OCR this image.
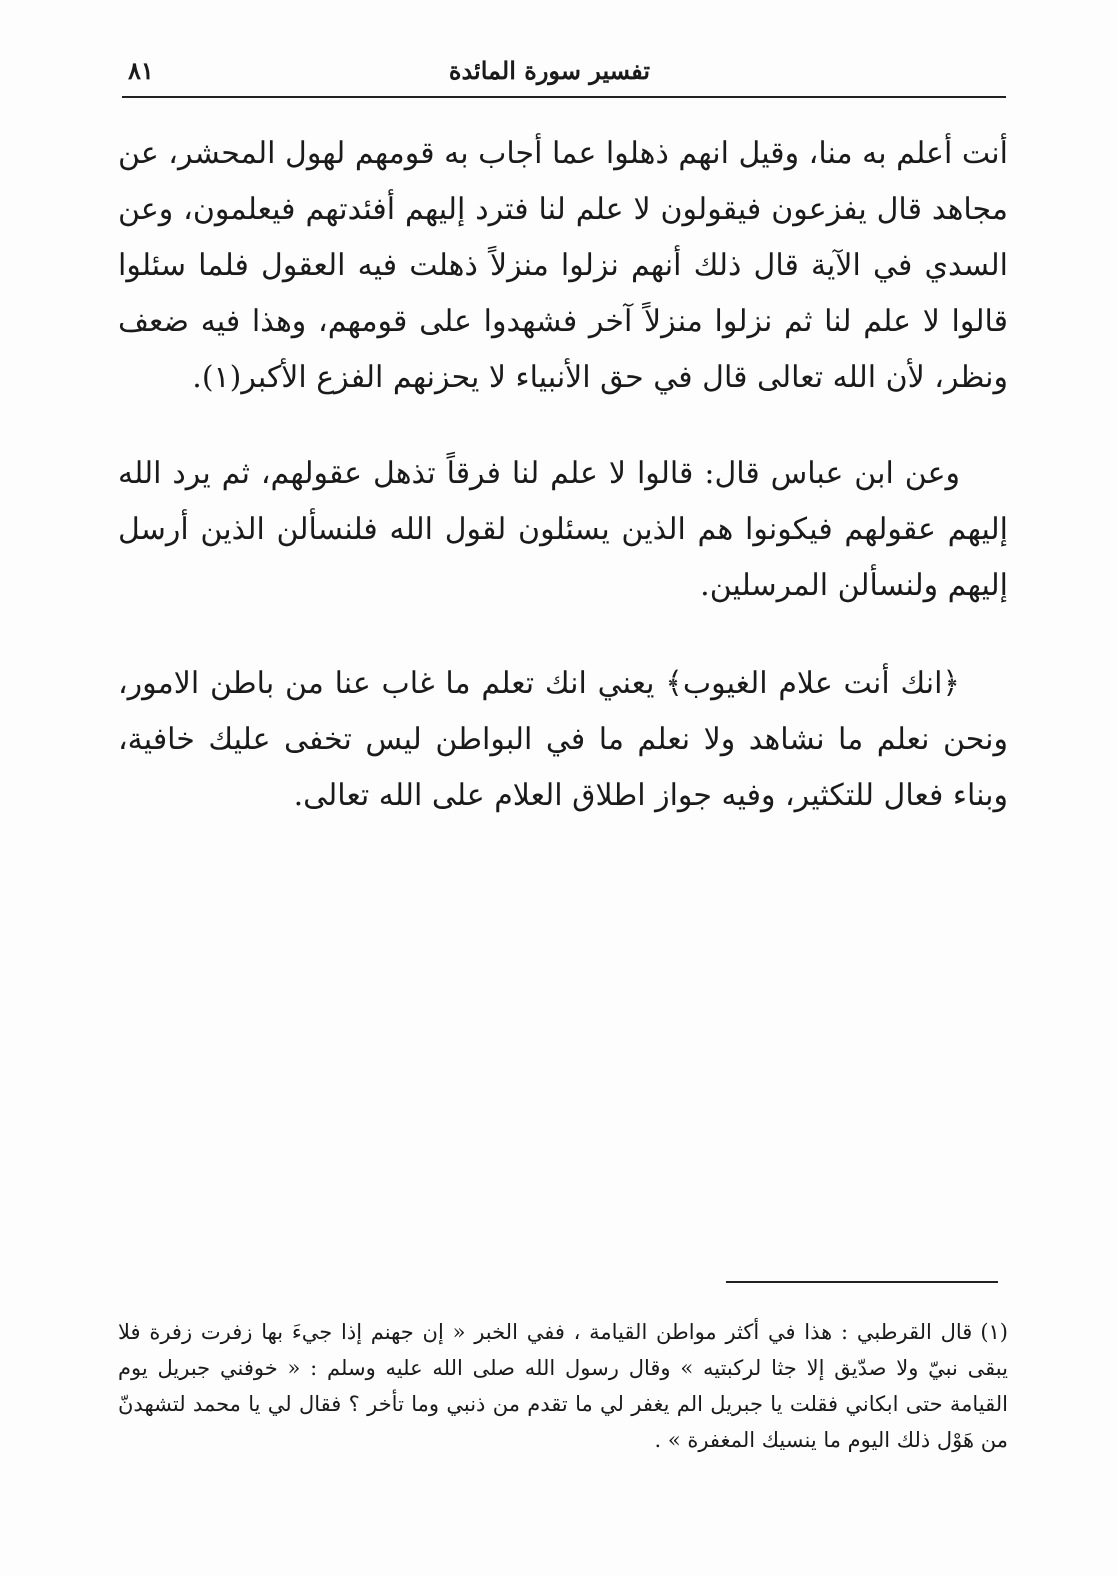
تفسير سورة المائدة
٨١
أنت أعلم به منا، وقيل انهم ذهلوا عما أجاب به قومهم لهول المحشر، عن مجاهد قال يفزعون فيقولون لا علم لنا فترد إليهم أفئدتهم فيعلمون، وعن السدي في الآية قال ذلك أنهم نزلوا منزلاً ذهلت فيه العقول فلما سئلوا قالوا لا علم لنا ثم نزلوا منزلاً آخر فشهدوا على قومهم، وهذا فيه ضعف ونظر، لأن الله تعالى قال في حق الأنبياء لا يحزنهم الفزع الأكبر(١).
وعن ابن عباس قال: قالوا لا علم لنا فرقاً تذهل عقولهم، ثم يرد الله إليهم عقولهم فيكونوا هم الذين يسئلون لقول الله فلنسألن الذين أرسل إليهم ولنسألن المرسلين.
﴿انك أنت علام الغيوب﴾ يعني انك تعلم ما غاب عنا من باطن الامور، ونحن نعلم ما نشاهد ولا نعلم ما في البواطن ليس تخفى عليك خافية، وبناء فعال للتكثير، وفيه جواز اطلاق العلام على الله تعالى.
(١)قال القرطبي : هذا في أكثر مواطن القيامة ، ففي الخبر « إن جهنم إذا جيءَ بها زفرت زفرة فلا يبقى نبيّ ولا صدّيق إلا جثا لركبتيه » وقال رسول الله صلى الله عليه وسلم : « خوفني جبريل يوم القيامة حتى ابكاني فقلت يا جبريل الم يغفر لي ما تقدم من ذنبي وما تأخر ؟ فقال لي يا محمد لتشهدنّ من هَوْل ذلك اليوم ما ينسيك المغفرة » .
